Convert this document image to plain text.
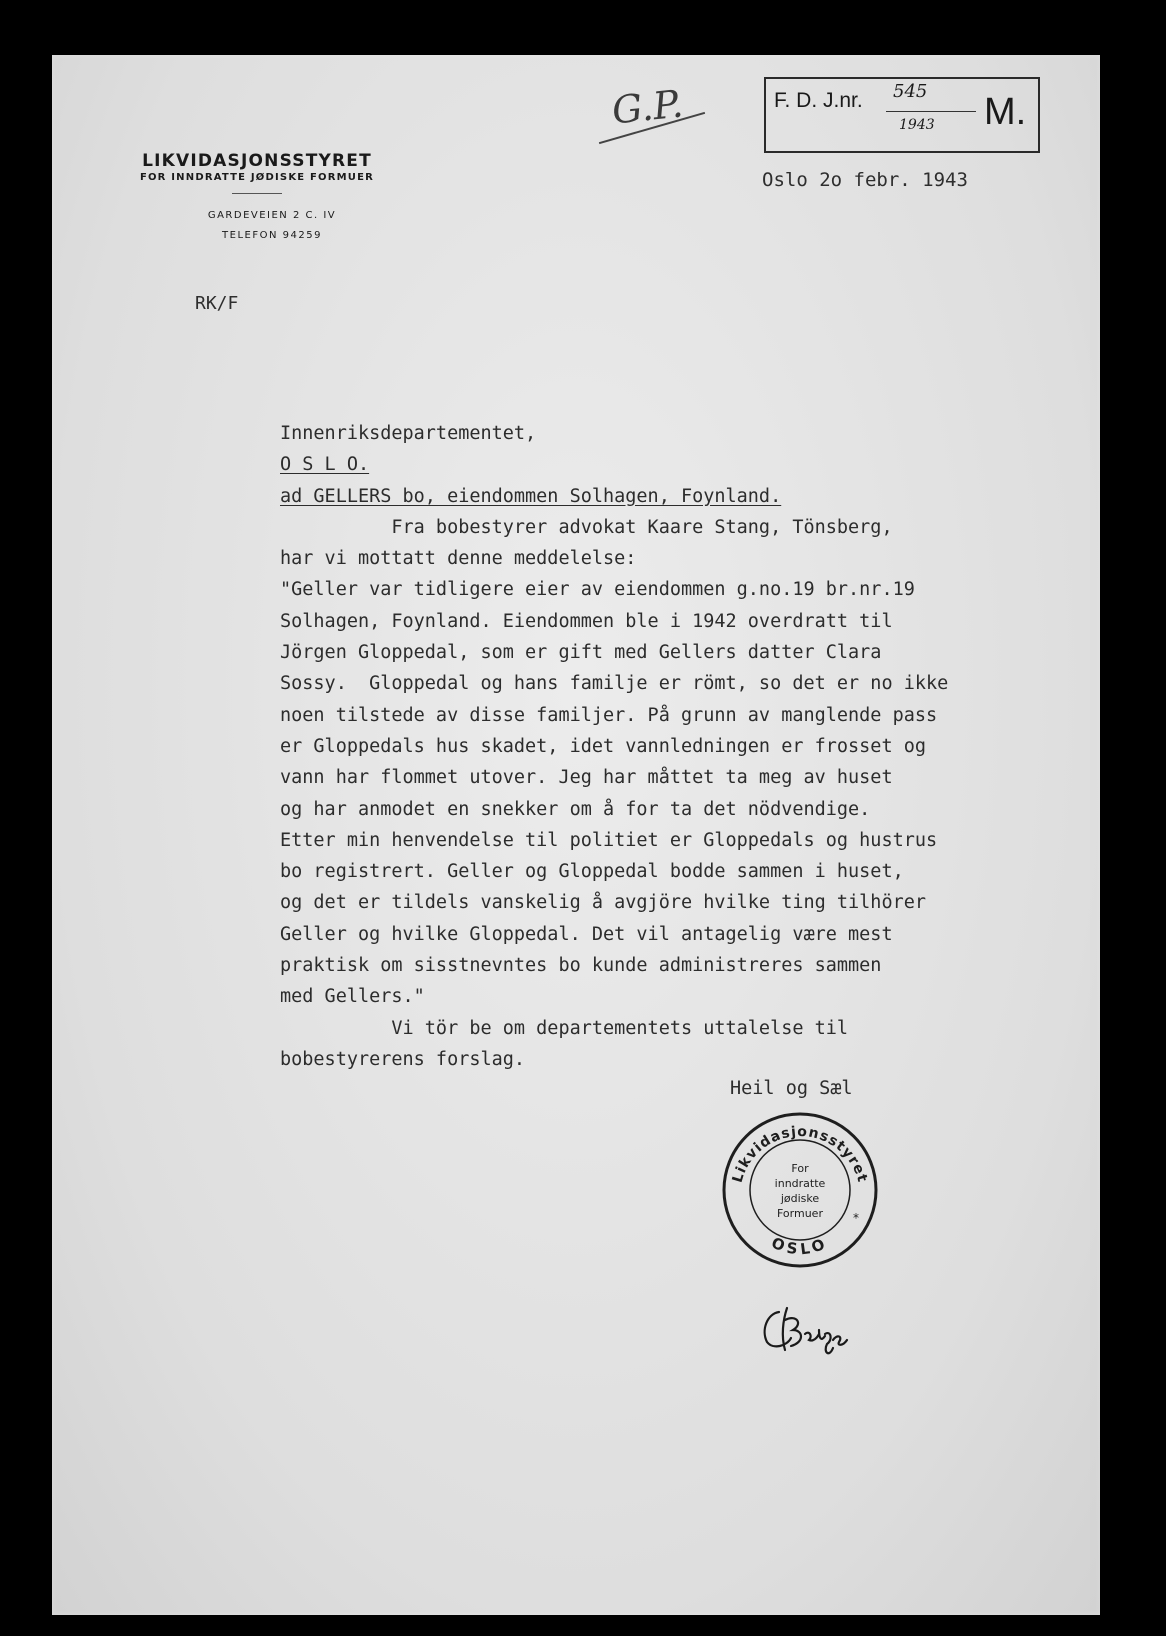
LIKVIDASJONSSTYRET
FOR INNDRATTE JØDISKE FORMUER
GARDEVEIEN 2 C. IV
TELEFON 94259
G.P.	F. D. J.nr. 545
1943 M.
Oslo 2o febr. 1943
RK/F
Innenriksdepartementet,
O S L O.
ad GELLERS bo, eiendommen Solhagen, Foynland.
Fra bobestyrer advokat Kaare Stang, Tönsberg,
har vi mottatt denne meddelelse:
"Geller var tidligere eier av eiendommen g.no.19 br.nr.19
Solhagen, Foynland. Eiendommen ble i 1942 overdratt til
Jörgen Gloppedal, som er gift med Gellers datter Clara
Sossy.  Gloppedal og hans familje er römt, so det er no ikke
noen tilstede av disse familjer. På grunn av manglende pass
er Gloppedals hus skadet, idet vannledningen er frosset og
vann har flommet utover. Jeg har måttet ta meg av huset
og har anmodet en snekker om å for ta det nödvendige.
Etter min henvendelse til politiet er Gloppedals og hustrus
bo registrert. Geller og Gloppedal bodde sammen i huset,
og det er tildels vanskelig å avgjöre hvilke ting tilhörer
Geller og hvilke Gloppedal. Det vil antagelig være mest
praktisk om sisstnevntes bo kunde administreres sammen
med Gellers."
Vi tör be om departementets uttalelse til
bobestyrerens forslag.
Heil og Sæl
Likvidasjonsstyret
OSLO
For
inndratte
jødiske
Formuer	*
